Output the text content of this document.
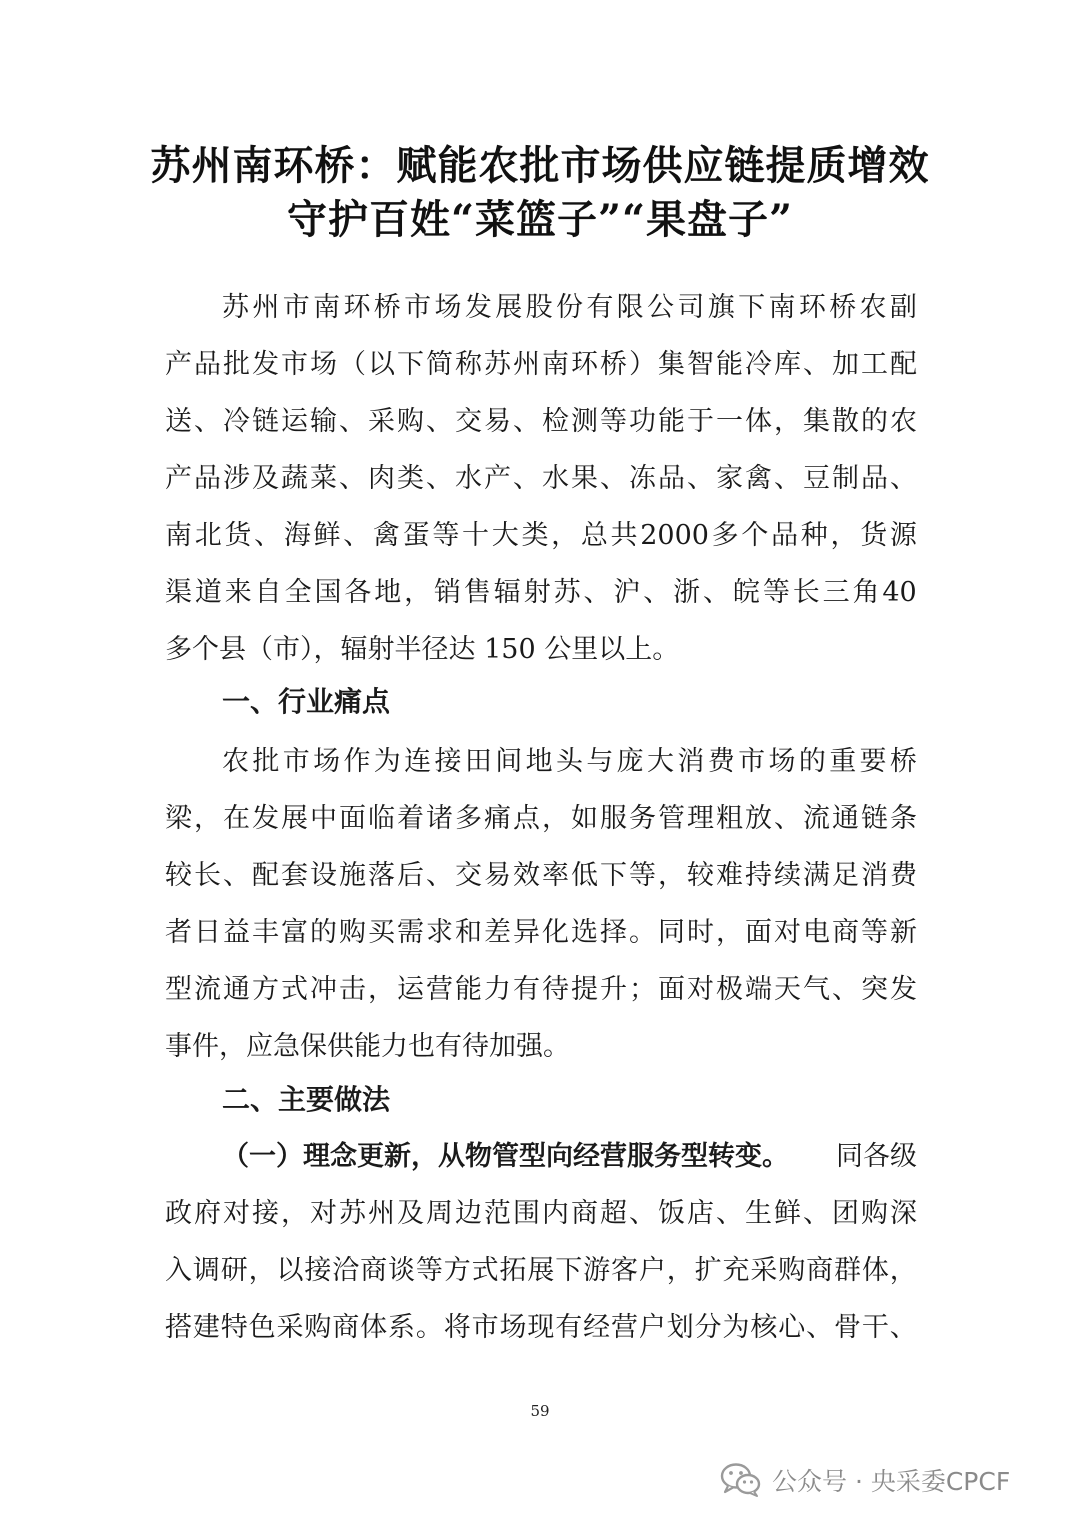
苏州南环桥：赋能农批市场供应链提质增效
守护百姓“菜篮子”“果盘子”
苏 州 市 南 环 桥 市 场 发 展 股 份 有 限 公 司 旗 下 南 环 桥 农 副
产 品 批 发 市 场 （ 以 下 简 称 苏 州 南 环 桥 ） 集 智 能 冷 库 、 加 工 配
送 、 冷 链 运 输 、 采 购 、 交 易 、 检 测 等 功 能 于 一 体 ， 集 散 的 农
产 品 涉 及 蔬 菜 、 肉 类 、 水 产 、 水 果 、 冻 品 、 家 禽 、 豆 制 品 、
南 北 货 、 海 鲜 、 禽 蛋 等 十 大 类 ， 总 共 2000 多 个 品 种 ， 货 源
渠 道 来 自 全 国 各 地 ， 销 售 辐 射 苏 、 沪 、 浙 、 皖 等 长 三 角 40
多个县（市），辐射半径达 150 公里以上。
一、行业痛点
农 批 市 场 作 为 连 接 田 间 地 头 与 庞 大 消 费 市 场 的 重 要 桥
梁 ， 在 发 展 中 面 临 着 诸 多 痛 点 ， 如 服 务 管 理 粗 放 、 流 通 链 条
较 长 、 配 套 设 施 落 后 、 交 易 效 率 低 下 等 ， 较 难 持 续 满 足 消 费
者 日 益 丰 富 的 购 买 需 求 和 差 异 化 选 择 。 同 时 ， 面 对 电 商 等 新
型 流 通 方 式 冲 击 ， 运 营 能 力 有 待 提 升 ； 面 对 极 端 天 气 、 突 发
事件，应急保供能力也有待加强。
二、主要做法
（一）理念更新，从物管型向经营服务型转变。 同各级
政 府 对 接 ， 对 苏 州 及 周 边 范 围 内 商 超 、 饭 店 、 生 鲜 、 团 购 深
入 调 研 ， 以 接 洽 商 谈 等 方 式 拓 展 下 游 客 户 ， 扩 充 采 购 商 群 体 ，
搭 建 特 色 采 购 商 体 系 。 将 市 场 现 有 经 营 户 划 分 为 核 心 、 骨 干 、
59
公众号 · 央采委CPCF
